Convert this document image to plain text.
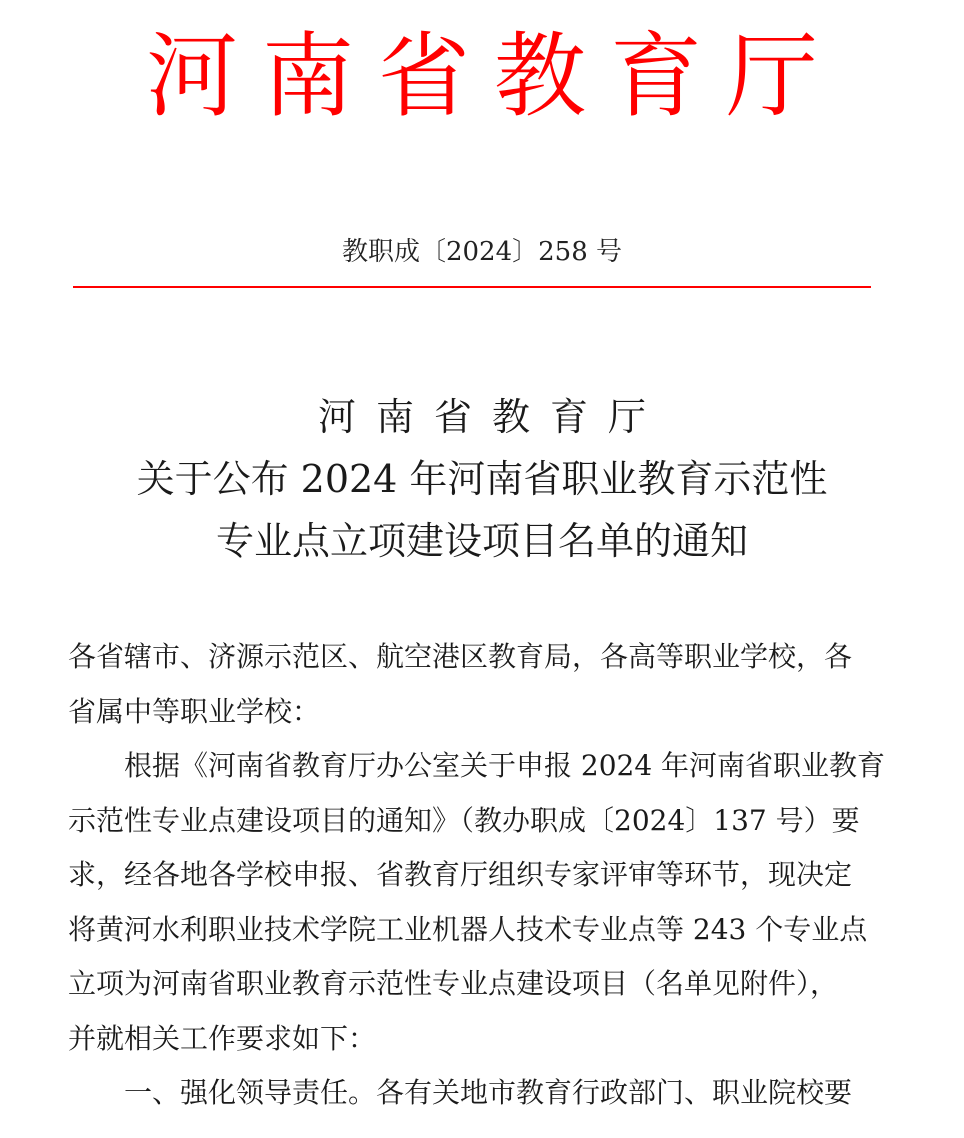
河南省教育厅
教职成〔2024〕258 号
河南省教育厅
关于公布 2024 年河南省职业教育示范性
专业点立项建设项目名单的通知
各省辖市、济源示范区、航空港区教育局，各高等职业学校，各
省属中等职业学校：
根据《河南省教育厅办公室关于申报 2024 年河南省职业教育
示范性专业点建设项目的通知》（教办职成〔2024〕137 号）要
求，经各地各学校申报、省教育厅组织专家评审等环节，现决定
将黄河水利职业技术学院工业机器人技术专业点等 243 个专业点
立项为河南省职业教育示范性专业点建设项目（名单见附件），
并就相关工作要求如下：
一、强化领导责任。各有关地市教育行政部门、职业院校要
